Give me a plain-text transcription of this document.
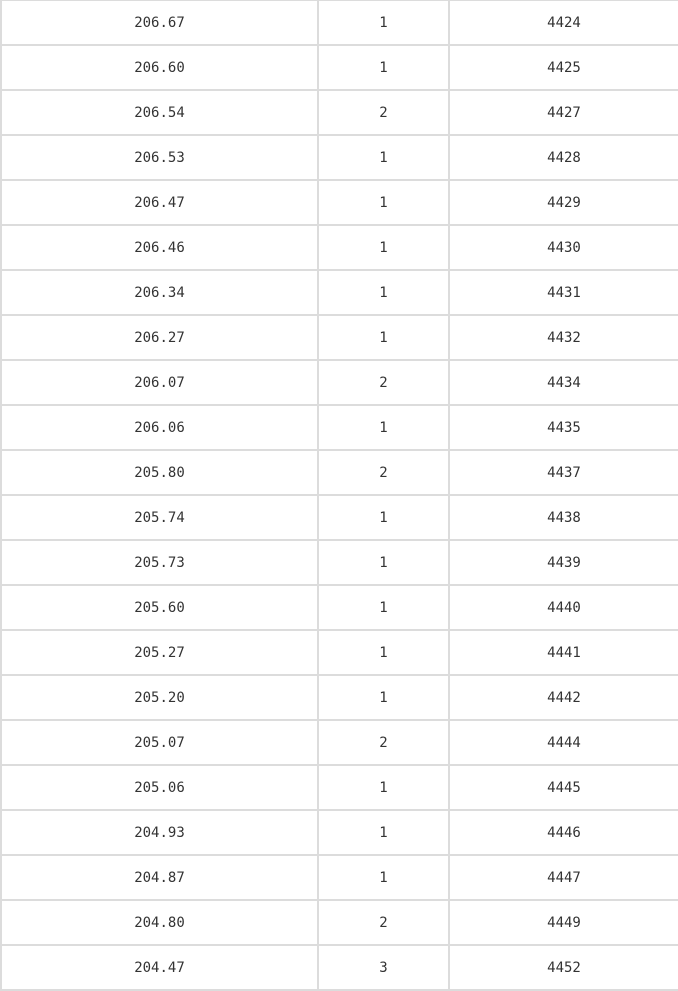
206.67	1	4424
206.60	1	4425
206.54	2	4427
206.53	1	4428
206.47	1	4429
206.46	1	4430
206.34	1	4431
206.27	1	4432
206.07	2	4434
206.06	1	4435
205.80	2	4437
205.74	1	4438
205.73	1	4439
205.60	1	4440
205.27	1	4441
205.20	1	4442
205.07	2	4444
205.06	1	4445
204.93	1	4446
204.87	1	4447
204.80	2	4449
204.47	3	4452
